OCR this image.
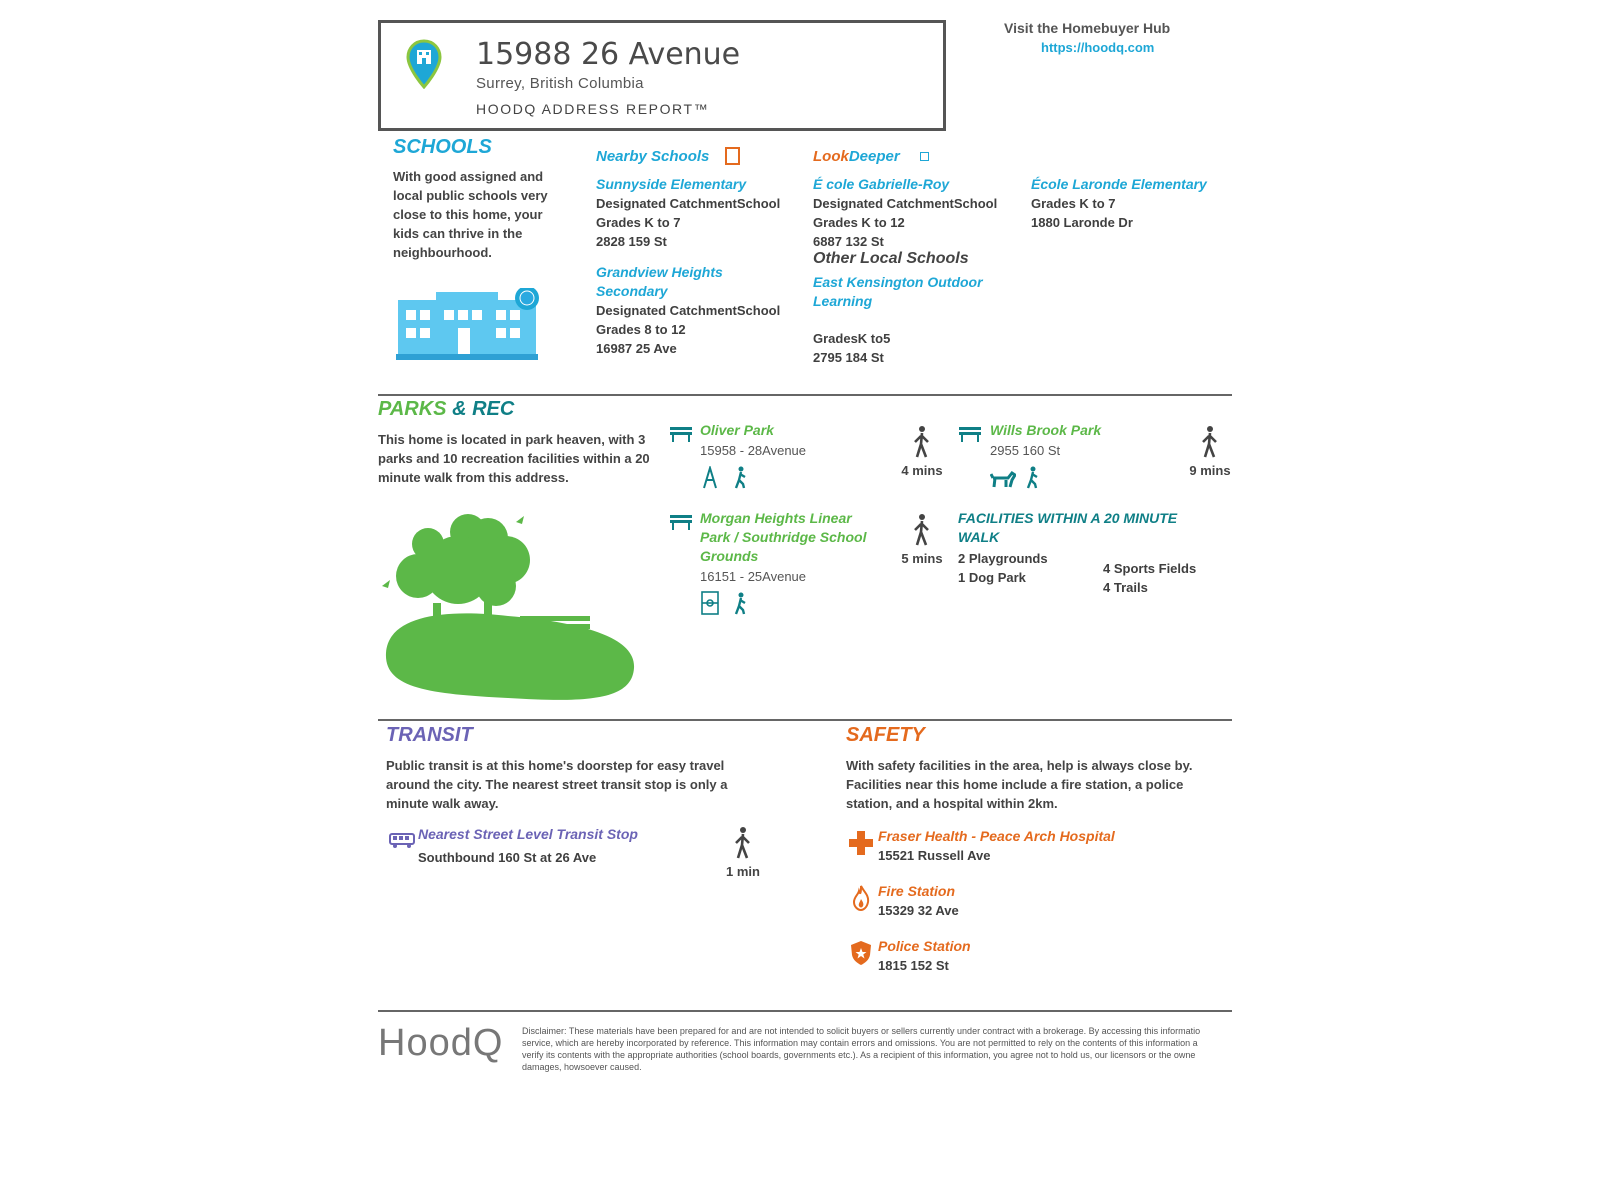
15988 26 Avenue
Surrey, British Columbia
HOODQ ADDRESS REPORT™
Visit the Homebuyer Hub
https://hoodq.com
SCHOOLS
With good assigned and local public schools very close to this home, your kids can thrive in the neighbourhood.
Nearby Schools	LookDeeper
Sunnyside Elementary
Designated CatchmentSchool
Grades K to 7
2828 159 St
Grandview Heights Secondary
Designated CatchmentSchool
Grades 8 to 12
16987 25 Ave
É cole Gabrielle-Roy
Designated CatchmentSchool
Grades K to 12
6887 132 St
Other Local Schools
East Kensington Outdoor Learning
GradesK to5
2795 184 St
École Laronde Elementary
Grades K to 7
1880 Laronde Dr
PARKS & REC
This home is located in park heaven, with 3 parks and 10 recreation facilities within a 20 minute walk from this address.
Oliver Park
15958 - 28Avenue

4 mins
Wills Brook Park
2955 160 St

9 mins
Morgan Heights Linear Park / Southridge School Grounds
16151 - 25Avenue

5 mins
FACILITIES WITHIN A 20 MINUTE WALK
2 Playgrounds
1 Dog Park
4 Sports Fields
4 Trails
TRANSIT
Public transit is at this home's doorstep for easy travel around the city. The nearest street transit stop is only a minute walk away.
Nearest Street Level Transit Stop
Southbound 160 St at 26 Ave
1 min
SAFETY
With safety facilities in the area, help is always close by. Facilities near this home include a fire station, a police station, and a hospital within 2km.
Fraser Health - Peace Arch Hospital
15521 Russell Ave
Fire Station
15329 32 Ave
Police Station
1815 152 St
HoodQ Disclaimer: These materials have been prepared for and are not intended to solicit buyers or sellers currently under contract with a brokerage. By accessing this informatio
service, which are hereby incorporated by reference. This information may contain errors and omissions. You are not permitted to rely on the contents of this information a
verify its contents with the appropriate authorities (school boards, governments etc.). As a recipient of this information, you agree not to hold us, our licensors or the owne
damages, howsoever caused.
